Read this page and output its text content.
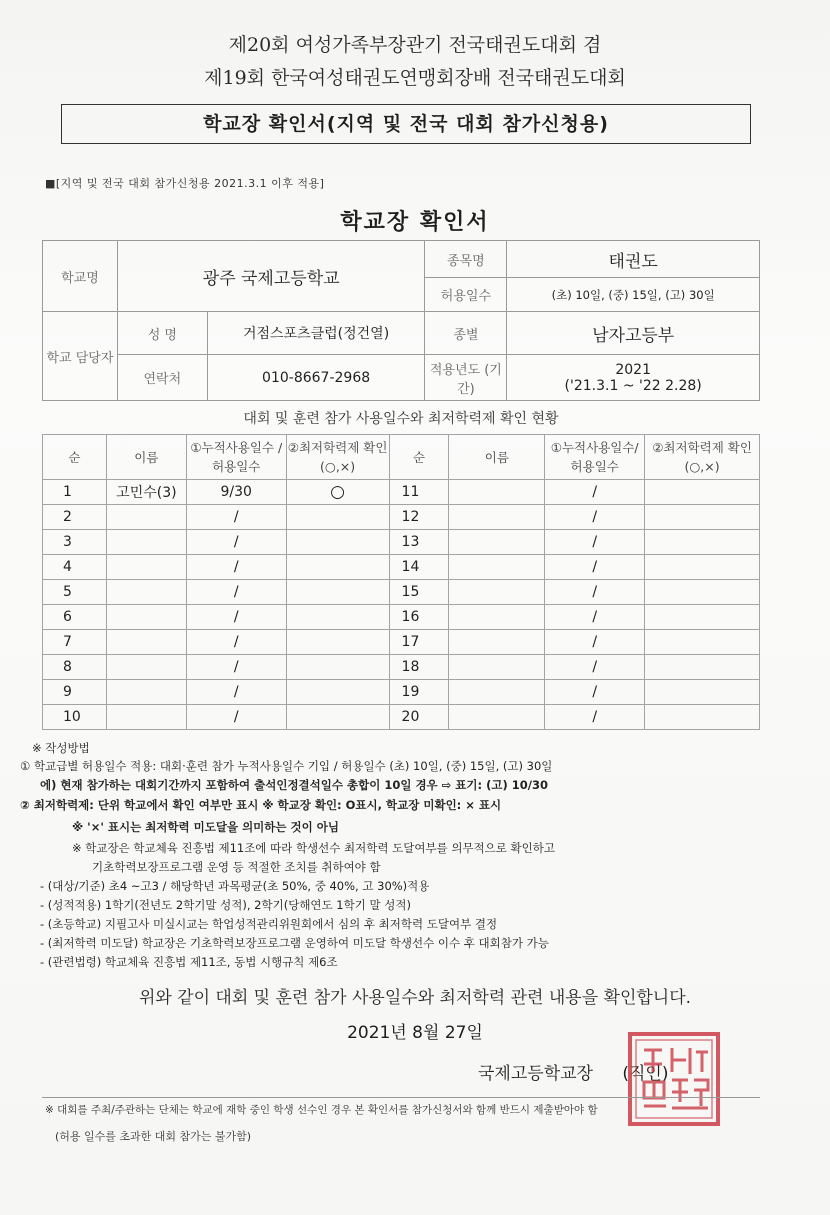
제20회 여성가족부장관기 전국태권도대회 겸
제19회 한국여성태권도연맹회장배 전국태권도대회
학교장 확인서(지역 및 전국 대회 참가신청용)
■[지역 및 전국 대회 참가신청용 2021.3.1 이후 적용]
학교장 확인서
학교명	광주 국제고등학교		종목명	태권도
			허용일수	(초) 10일, (중) 15일, (고) 30일
학교 담당자	성 명	거점스포츠클럽(정건열)	종별	남자고등부
	연락처	010-8667-2968	적용년도 (기간)	2021
('21.3.1 ~ '22 2.28)
대회 및 훈련 참가 사용일수와 최저학력제 확인 현황
순	이름	①누적사용일수 /허용일수	②최저학력제 확인(○,×)	순	이름	①누적사용일수/ 허용일수	②최저학력제 확인(○,×)
1	고민수(3)	9/30	○	11		/	
2		/		12		/	
3		/		13		/	
4		/		14		/	
5		/		15		/	
6		/		16		/	
7		/		17		/	
8		/		18		/	
9		/		19		/	
10		/		20		/	
※ 작성방법
① 학교급별 허용일수 적용: 대회·훈련 참가 누적사용일수 기입 / 허용일수 (초) 10일, (중) 15일, (고) 30일
에) 현재 참가하는 대회기간까지 포함하여 출석인정결석일수 총합이 10일 경우 ⇨ 표기: (고) 10/30
② 최저학력제: 단위 학교에서 확인 여부만 표시 ※ 학교장 확인: O표시, 학교장 미확인: × 표시
※ '×' 표시는 최저학력 미도달을 의미하는 것이 아님
※ 학교장은 학교체육 진흥법 제11조에 따라 학생선수 최저학력 도달여부를 의무적으로 확인하고
기초학력보장프로그램 운영 등 적절한 조치를 취하여야 함
- (대상/기준) 초4 ~고3 / 해당학년 과목평균(초 50%, 중 40%, 고 30%)적용
- (성적적용) 1학기(전년도 2학기말 성적), 2학기(당해연도 1학기 말 성적)
- (초등학교) 지필고사 미실시교는 학업성적관리위원회에서 심의 후 최저학력 도달여부 결정
- (최저학력 미도달) 학교장은 기초학력보장프로그램 운영하여 미도달 학생선수 이수 후 대회참가 가능
- (관련법령) 학교체육 진흥법 제11조, 동법 시행규칙 제6조
위와 같이 대회 및 훈련 참가 사용일수와 최저학력 관련 내용을 확인합니다.
2021년 8월 27일
국제고등학교장 (직인)
※ 대회를 주최/주관하는 단체는 학교에 재학 중인 학생 선수인 경우 본 확인서를 참가신청서와 함께 반드시 제출받아야 함
(허용 일수를 초과한 대회 참가는 불가함)
